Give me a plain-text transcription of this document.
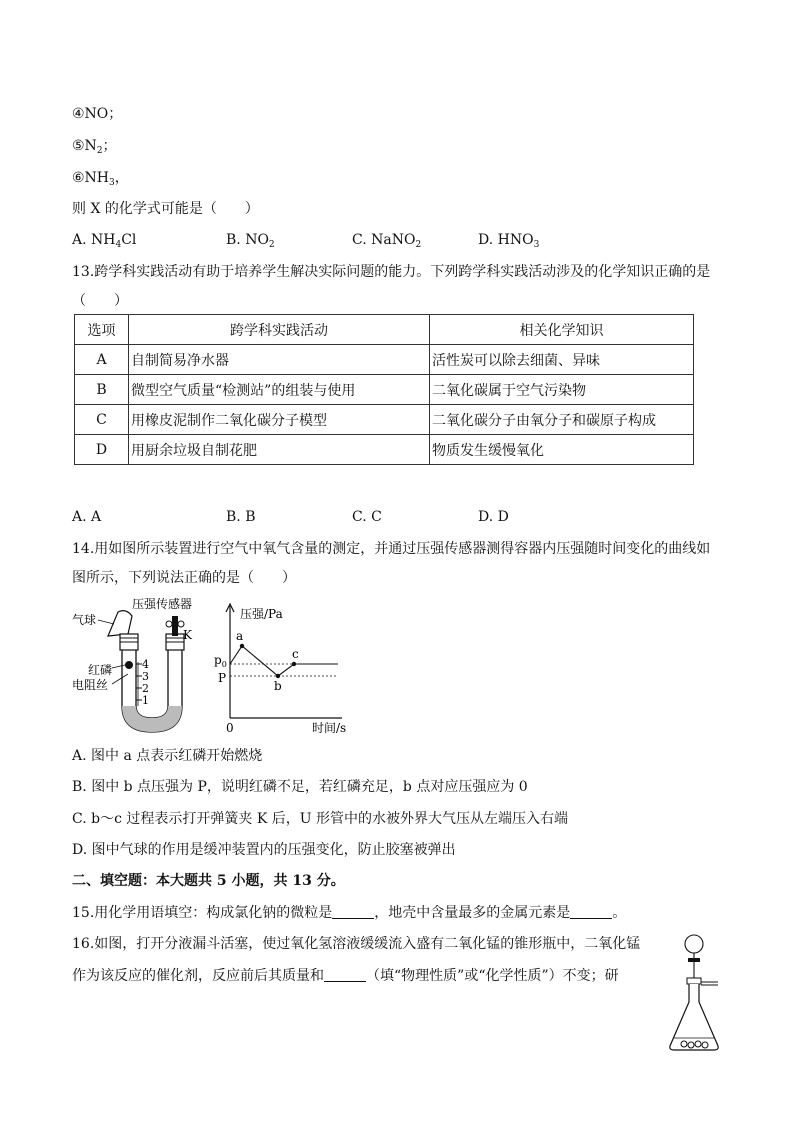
④NO；
$⑤N_2$；
$⑥NH_3$，
则 X 的化学式可能是（　　）
A. $NH_4Cl$	B. $NO_2$	C. NaNO$_2$	D. $HNO_3$
13.跨学科实践活动有助于培养学生解决实际问题的能力。下列跨学科实践活动涉及的化学知识正确的是
（　　）
选项	跨学科实践活动	相关化学知识
A	自制简易净水器	活性炭可以除去细菌、异味
B	微型空气质量“检测站”的组装与使用	二氧化碳属于空气污染物
C	用橡皮泥制作二氧化碳分子模型	二氧化碳分子由氧分子和碳原子构成
D	用厨余垃圾自制花肥	物质发生缓慢氧化
A. A	B. B	C. C	D. D
14.用如图所示装置进行空气中氧气含量的测定，并通过压强传感器测得容器内压强随时间变化的曲线如
图所示，下列说法正确的是（　　）
压强传感器
气球
K
红磷
电阻丝
4
3
2
1
压强/Pa
时间/s
0
$p_0$
P
a
b
c
A. 图中 a 点表示红磷开始燃烧
B. 图中 b 点压强为 P，说明红磷不足，若红磷充足，b 点对应压强应为 0
C. b～c 过程表示打开弹簧夹 K 后，U 形管中的水被外界大气压从左端压入右端
D. 图中气球的作用是缓冲装置内的压强变化，防止胶塞被弹出
二、填空题：本大题共 5 小题，共 13 分。
15.用化学用语填空：构成氯化钠的微粒是	，地壳中含量最多的金属元素是	。
16.如图，打开分液漏斗活塞，使过氧化氢溶液缓缓流入盛有二氧化锰的锥形瓶中，二氧化锰
作为该反应的催化剂，反应前后其质量和	（填“物理性质”或“化学性质”）不变；研
